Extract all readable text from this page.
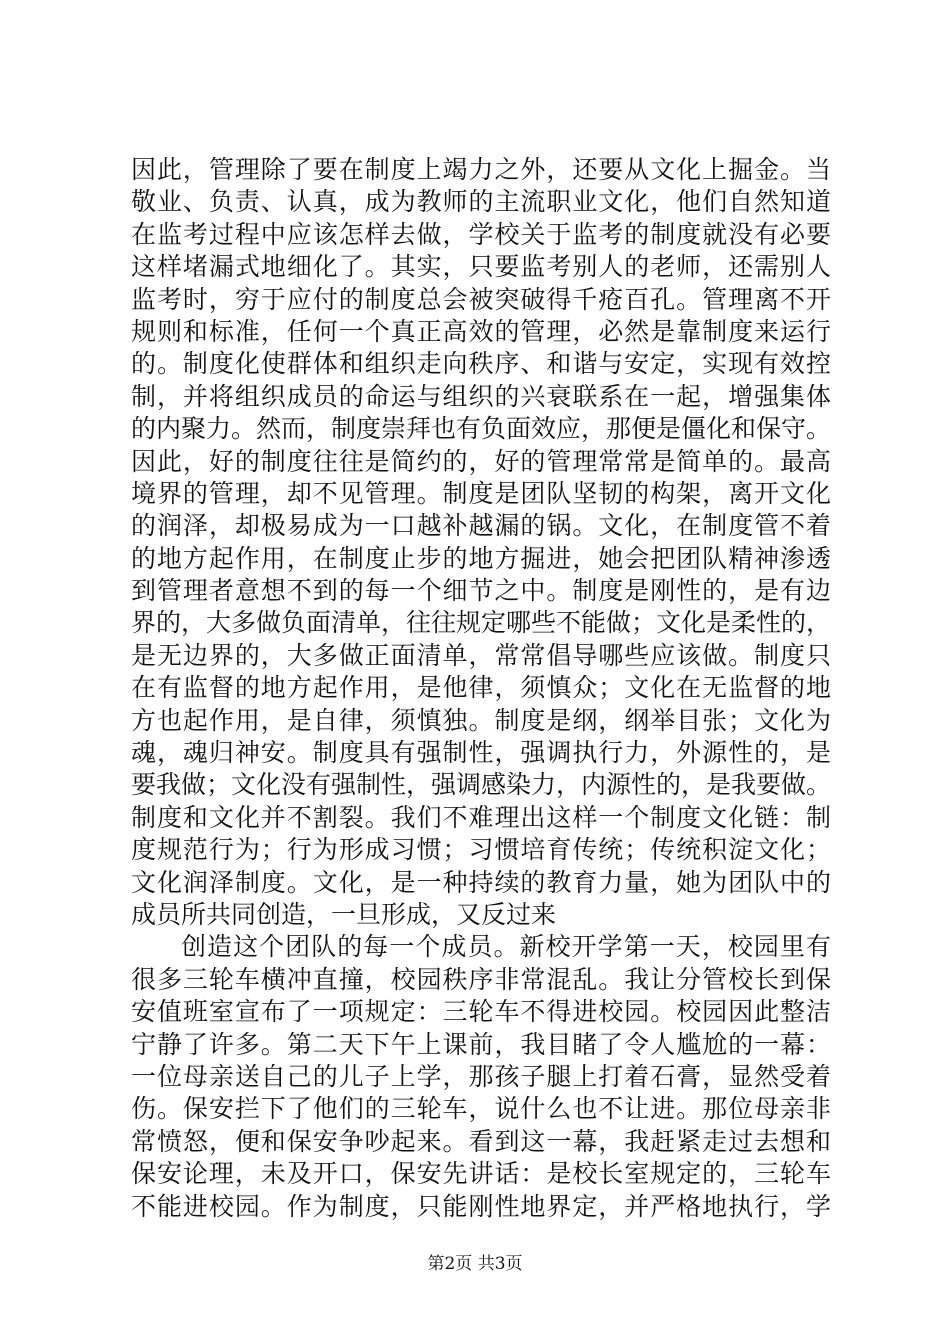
因此，管理除了要在制度上竭力之外，还要从文化上掘金。当
敬业、负责、认真，成为教师的主流职业文化，他们自然知道
在监考过程中应该怎样去做，学校关于监考的制度就没有必要
这样堵漏式地细化了。其实，只要监考别人的老师，还需别人
监考时，穷于应付的制度总会被突破得千疮百孔。管理离不开
规则和标准，任何一个真正高效的管理，必然是靠制度来运行
的。制度化使群体和组织走向秩序、和谐与安定，实现有效控
制，并将组织成员的命运与组织的兴衰联系在一起，增强集体
的内聚力。然而，制度崇拜也有负面效应，那便是僵化和保守。
因此，好的制度往往是简约的，好的管理常常是简单的。最高
境界的管理，却不见管理。制度是团队坚韧的构架，离开文化
的润泽，却极易成为一口越补越漏的锅。文化，在制度管不着
的地方起作用，在制度止步的地方掘进，她会把团队精神渗透
到管理者意想不到的每一个细节之中。制度是刚性的，是有边
界的，大多做负面清单，往往规定哪些不能做；文化是柔性的，
是无边界的，大多做正面清单，常常倡导哪些应该做。制度只
在有监督的地方起作用，是他律，须慎众；文化在无监督的地
方也起作用，是自律，须慎独。制度是纲，纲举目张；文化为
魂，魂归神安。制度具有强制性，强调执行力，外源性的，是
要我做；文化没有强制性，强调感染力，内源性的，是我要做。
制度和文化并不割裂。我们不难理出这样一个制度文化链：制
度规范行为；行为形成习惯；习惯培育传统；传统积淀文化；
文化润泽制度。文化，是一种持续的教育力量，她为团队中的
成员所共同创造，一旦形成，又反过来
创造这个团队的每一个成员。新校开学第一天，校园里有
很多三轮车横冲直撞，校园秩序非常混乱。我让分管校长到保
安值班室宣布了一项规定：三轮车不得进校园。校园因此整洁
宁静了许多。第二天下午上课前，我目睹了令人尴尬的一幕：
一位母亲送自己的儿子上学，那孩子腿上打着石膏，显然受着
伤。保安拦下了他们的三轮车，说什么也不让进。那位母亲非
常愤怒，便和保安争吵起来。看到这一幕，我赶紧走过去想和
保安论理，未及开口，保安先讲话：是校长室规定的，三轮车
不能进校园。作为制度，只能刚性地界定，并严格地执行，学
第2页 共3页
